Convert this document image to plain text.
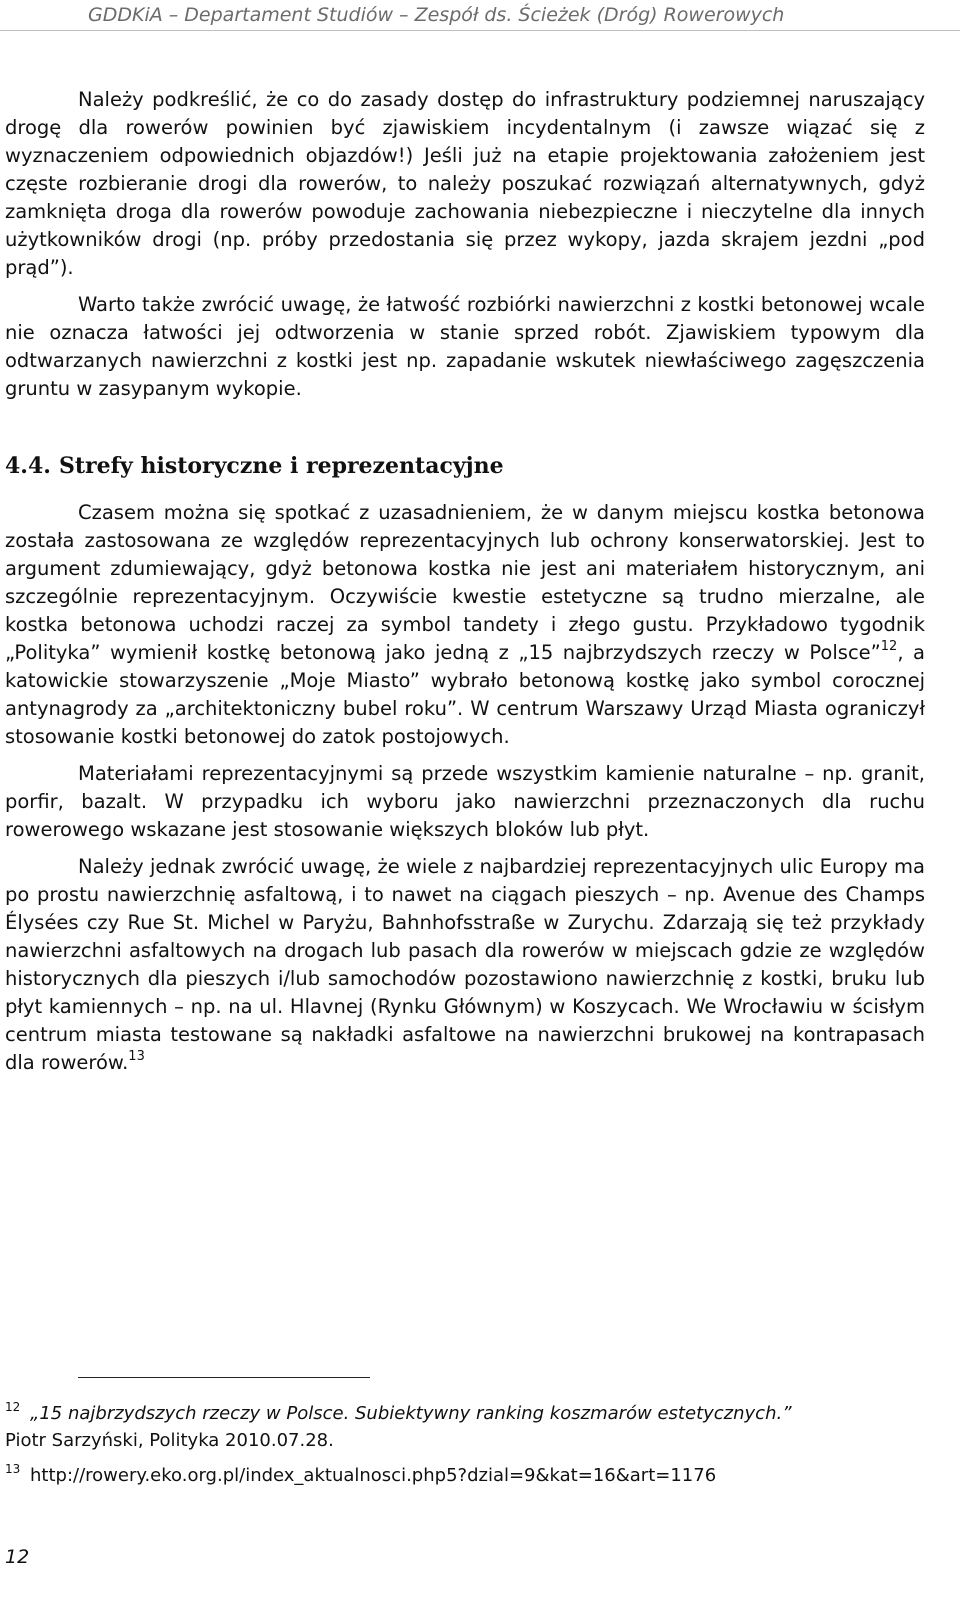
GDDKiA – Departament Studiów – Zespół ds. Ścieżek (Dróg) Rowerowych

Należy podkreślić, że co do zasady dostęp do infrastruktury podziemnej naruszający drogę dla rowerów powinien być zjawiskiem incydentalnym (i zawsze wiązać się z wyznaczeniem odpowiednich objazdów!) Jeśli już na etapie projektowania założeniem jest częste rozbieranie drogi dla rowerów, to należy poszukać rozwiązań alternatywnych, gdyż zamknięta droga dla rowerów powoduje zachowania niebezpieczne i nieczytelne dla innych użytkowników drogi (np. próby przedostania się przez wykopy, jazda skrajem jezdni „pod prąd”).

Warto także zwrócić uwagę, że łatwość rozbiórki nawierzchni z kostki betonowej wcale nie oznacza łatwości jej odtworzenia w stanie sprzed robót. Zjawiskiem typowym dla odtwarzanych nawierzchni z kostki jest np. zapadanie wskutek niewłaściwego zagęszczenia gruntu w zasypanym wykopie.

4.4. Strefy historyczne i reprezentacyjne

Czasem można się spotkać z uzasadnieniem, że w danym miejscu kostka betonowa została zastosowana ze względów reprezentacyjnych lub ochrony konserwatorskiej. Jest to argument zdumiewający, gdyż betonowa kostka nie jest ani materiałem historycznym, ani szczególnie reprezentacyjnym. Oczywiście kwestie estetyczne są trudno mierzalne, ale kostka betonowa uchodzi raczej za symbol tandety i złego gustu. Przykładowo tygodnik „Polityka” wymienił kostkę betonową jako jedną z „15 najbrzydszych rzeczy w Polsce”$^{12}$, a katowickie stowarzyszenie „Moje Miasto” wybrało betonową kostkę jako symbol corocznej antynagrody za „architektoniczny bubel roku”. W centrum Warszawy Urząd Miasta ograniczył stosowanie kostki betonowej do zatok postojowych.

Materiałami reprezentacyjnymi są przede wszystkim kamienie naturalne – np. granit, porfir, bazalt. W przypadku ich wyboru jako nawierzchni przeznaczonych dla ruchu rowerowego wskazane jest stosowanie większych bloków lub płyt.

Należy jednak zwrócić uwagę, że wiele z najbardziej reprezentacyjnych ulic Europy ma po prostu nawierzchnię asfaltową, i to nawet na ciągach pieszych – np. Avenue des Champs Élysées czy Rue St. Michel w Paryżu, Bahnhofsstraße w Zurychu. Zdarzają się też przykłady nawierzchni asfaltowych na drogach lub pasach dla rowerów w miejscach gdzie ze względów historycznych dla pieszych i/lub samochodów pozostawiono nawierzchnię z kostki, bruku lub płyt kamiennych – np. na ul. Hlavnej (Rynku Głównym) w Koszycach. We Wrocławiu w ścisłym centrum miasta testowane są nakładki asfaltowe na nawierzchni brukowej na kontrapasach dla rowerów.$^{13}$

$^{12}$ „15 najbrzydszych rzeczy w Polsce. Subiektywny ranking koszmarów estetycznych.”
Piotr Sarzyński, Polityka 2010.07.28.

$^{13}$ http://rowery.eko.org.pl/index_aktualnosci.php5?dzial=9&kat=16&art=1176

12
